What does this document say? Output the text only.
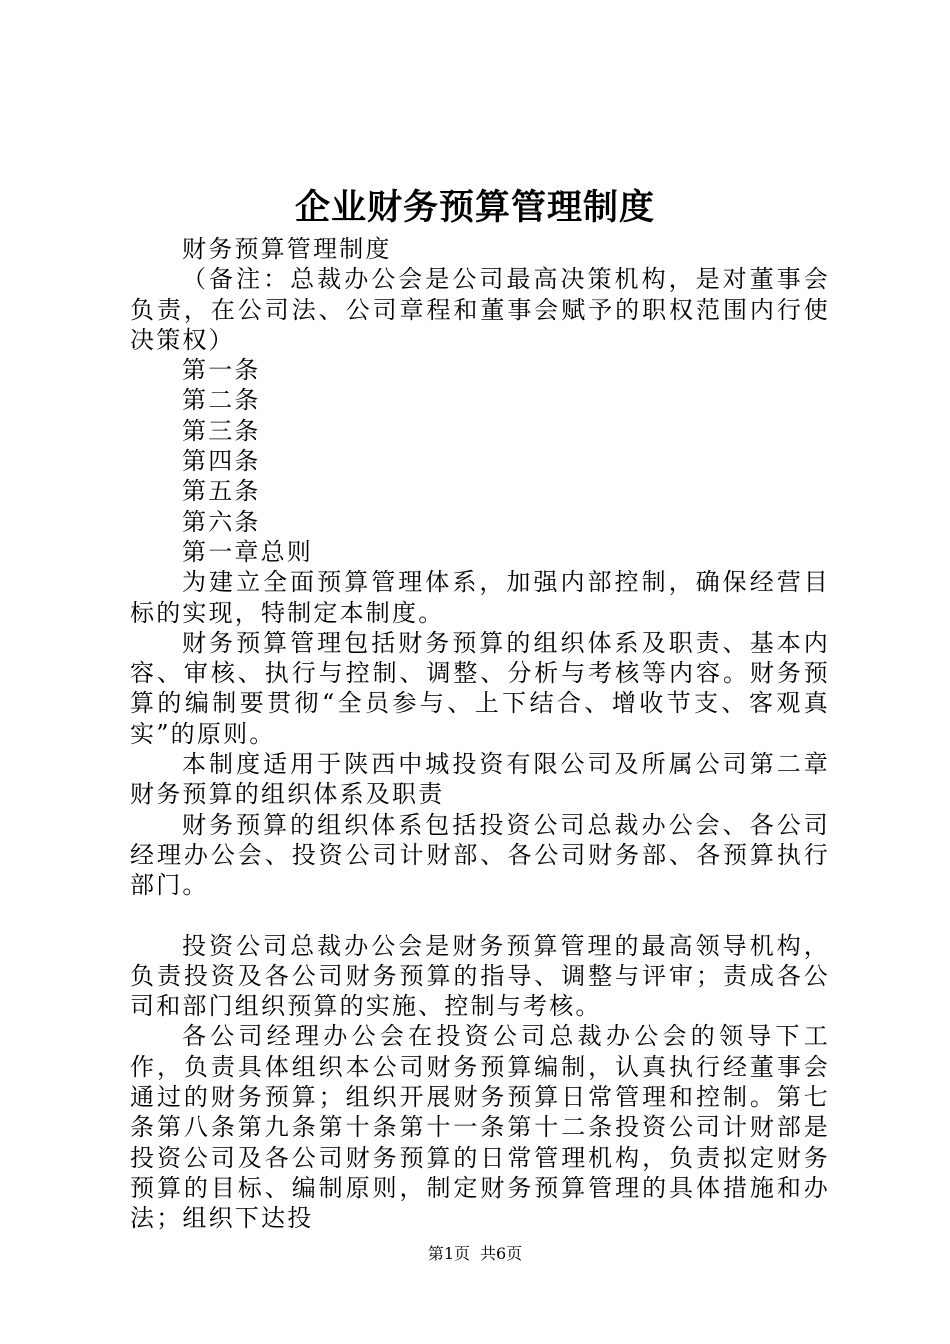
企业财务预算管理制度

财务预算管理制度

（备注：总裁办公会是公司最高决策机构，是对董事会负责，在公司法、公司章程和董事会赋予的职权范围内行使决策权）

第一条

第二条

第三条

第四条

第五条

第六条

第一章总则

为建立全面预算管理体系，加强内部控制，确保经营目标的实现，特制定本制度。

财务预算管理包括财务预算的组织体系及职责、基本内容、审核、执行与控制、调整、分析与考核等内容。财务预算的编制要贯彻“全员参与、上下结合、增收节支、客观真实”的原则。

本制度适用于陕西中城投资有限公司及所属公司第二章财务预算的组织体系及职责

财务预算的组织体系包括投资公司总裁办公会、各公司经理办公会、投资公司计财部、各公司财务部、各预算执行部门。

投资公司总裁办公会是财务预算管理的最高领导机构，负责投资及各公司财务预算的指导、调整与评审；责成各公司和部门组织预算的实施、控制与考核。

各公司经理办公会在投资公司总裁办公会的领导下工作，负责具体组织本公司财务预算编制，认真执行经董事会通过的财务预算；组织开展财务预算日常管理和控制。第七条第八条第九条第十条第十一条第十二条投资公司计财部是投资公司及各公司财务预算的日常管理机构，负责拟定财务预算的目标、编制原则，制定财务预算管理的具体措施和办法；组织下达投

第1页 共6页
